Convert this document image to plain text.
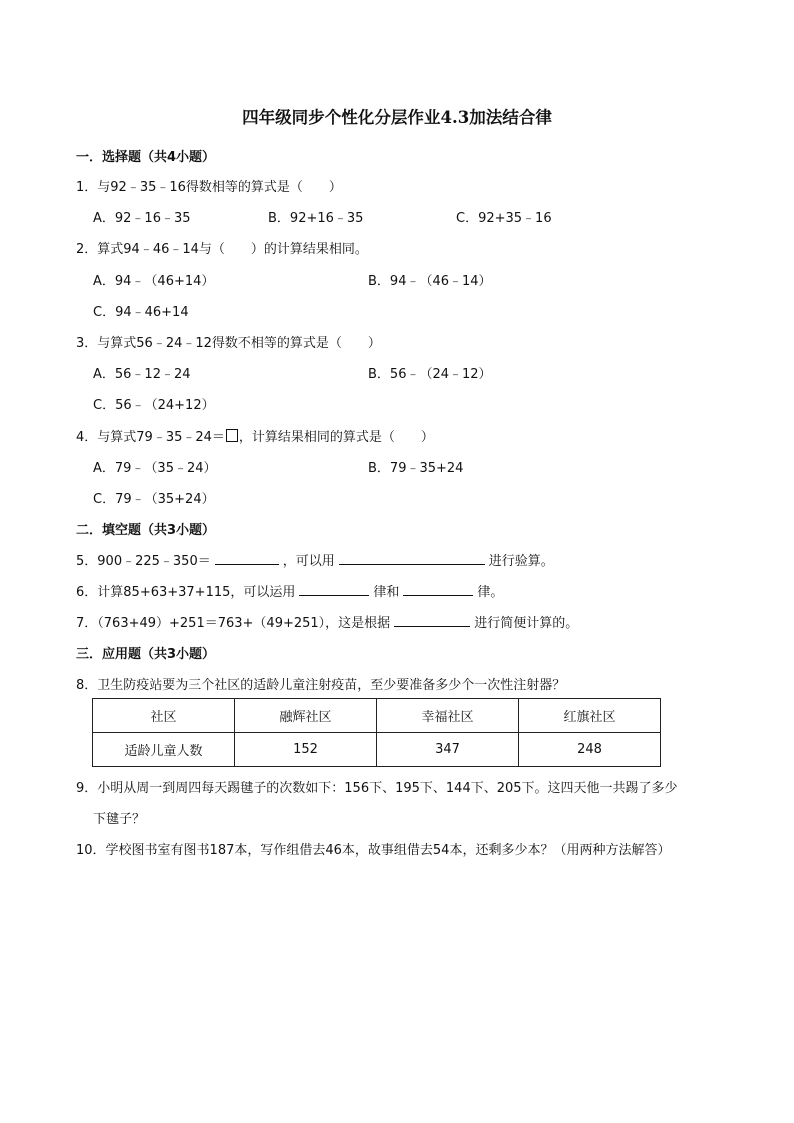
四年级同步个性化分层作业4.3加法结合律
一．选择题（共4小题）
1．与92﹣35﹣16得数相等的算式是（　　）
A．92﹣16﹣35	B．92+16﹣35	C．92+35﹣16
2．算式94﹣46﹣14与（　　）的计算结果相同。
A．94﹣（46+14）	B．94﹣（46﹣14）
C．94﹣46+14
3．与算式56﹣24﹣12得数不相等的算式是（　　）
A．56﹣12﹣24	B．56﹣（24﹣12）
C．56﹣（24+12）
4．与算式79﹣35﹣24＝ ，计算结果相同的算式是（　　）
A．79﹣（35﹣24）	B．79﹣35+24
C．79﹣（35+24）
二．填空题（共3小题）
5．900﹣225﹣350＝	，可以用	进行验算。
6．计算85+63+37+115，可以运用	律和	律。
7．（763+49）+251＝763+（49+251），这是根据	进行简便计算的。
三．应用题（共3小题）
8．卫生防疫站要为三个社区的适龄儿童注射疫苗，至少要准备多少个一次性注射器？
社区	融辉社区	幸福社区	红旗社区
适龄儿童人数	152	347	248
9．小明从周一到周四每天踢毽子的次数如下：156下、195下、144下、205下。这四天他一共踢了多少
下毽子？
10．学校图书室有图书187本，写作组借去46本，故事组借去54本，还剩多少本？（用两种方法解答）
